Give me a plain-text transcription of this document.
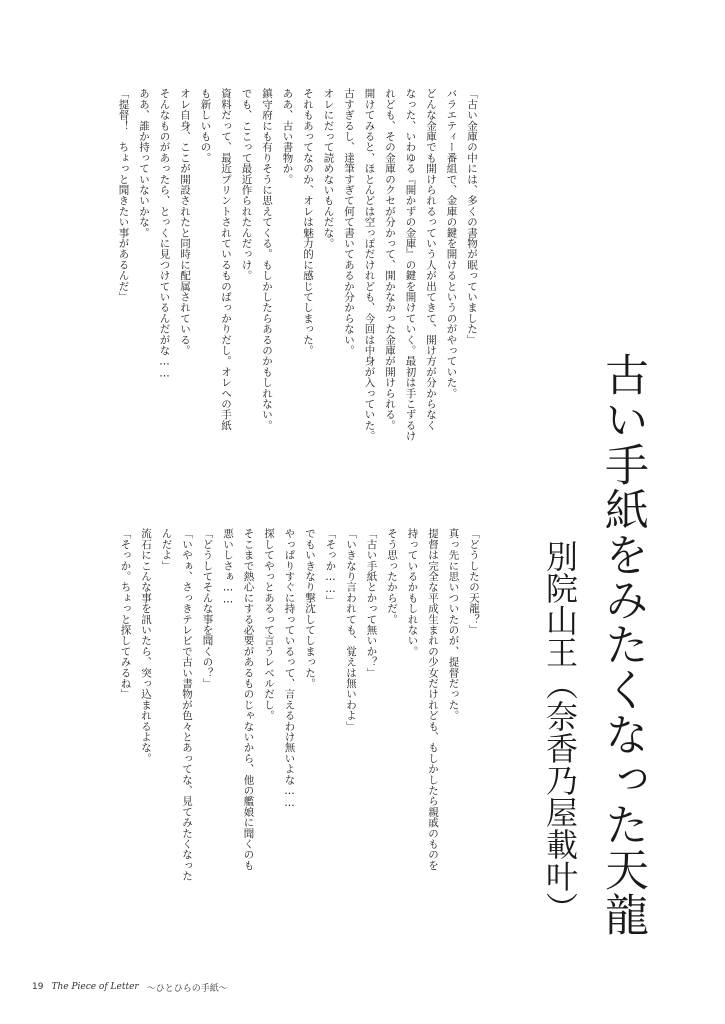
古い手紙をみたくなった天龍
別院山王（奈香乃屋載叶）
「古い金庫の中には、多くの書物が眠っていました」
バラエティー番組で、金庫の鍵を開けるというのがやっていた。
どんな金庫でも開けられるっていう人が出てきて、開け方が分からなく
なった、いわゆる『開かずの金庫』の鍵を開けていく。最初は手こずるけ
れども、その金庫のクセが分かって、開かなかった金庫が開けられる。
開けてみると、ほとんどは空っぽだけれども、今回は中身が入っていた。
古すぎるし、達筆すぎて何て書いてあるか分からない。
オレにだって読めないもんだな。
それもあってなのか、オレは魅力的に感じてしまった。
ああ、古い書物か。
鎮守府にも有りそうに思えてくる。もしかしたらあるのかもしれない。
でも、ここって最近作られたんだっけ。
資料だって、最近プリントされているものばっかりだし。オレへの手紙
も新しいもの。
オレ自身、ここが開設されたと同時に配属されている。
そんなものがあったら、とっくに見つけているんだがな……
ああ、誰か持っていないかな。
「提督！　ちょっと聞きたい事があるんだ」
「どうしたの天龍？」
真っ先に思いついたのが、提督だった。
提督は完全な平成生まれの少女だけれども、もしかしたら親戚のものを
持っているかもしれない。
そう思ったからだ。
「古い手紙とかって無いか？」
「いきなり言われても、覚えは無いわよ」
「そっか……」
でもいきなり撃沈してしまった。
やっぱりすぐに持っているって、言えるわけ無いよな……
探してやっとあるって言うレベルだし。
そこまで熱心にする必要があるものじゃないから、他の艦娘に聞くのも
悪いしさぁ……
「どうしてそんな事を聞くの？」
「いやぁ、さっきテレビで古い書物が色々とあってな、見てみたくなった
んだよ」
流石にこんな事を訊いたら、突っ込まれるよな。
「そっか。ちょっと探してみるね」
19 The Piece of Letter ～ひとひらの手紙～
